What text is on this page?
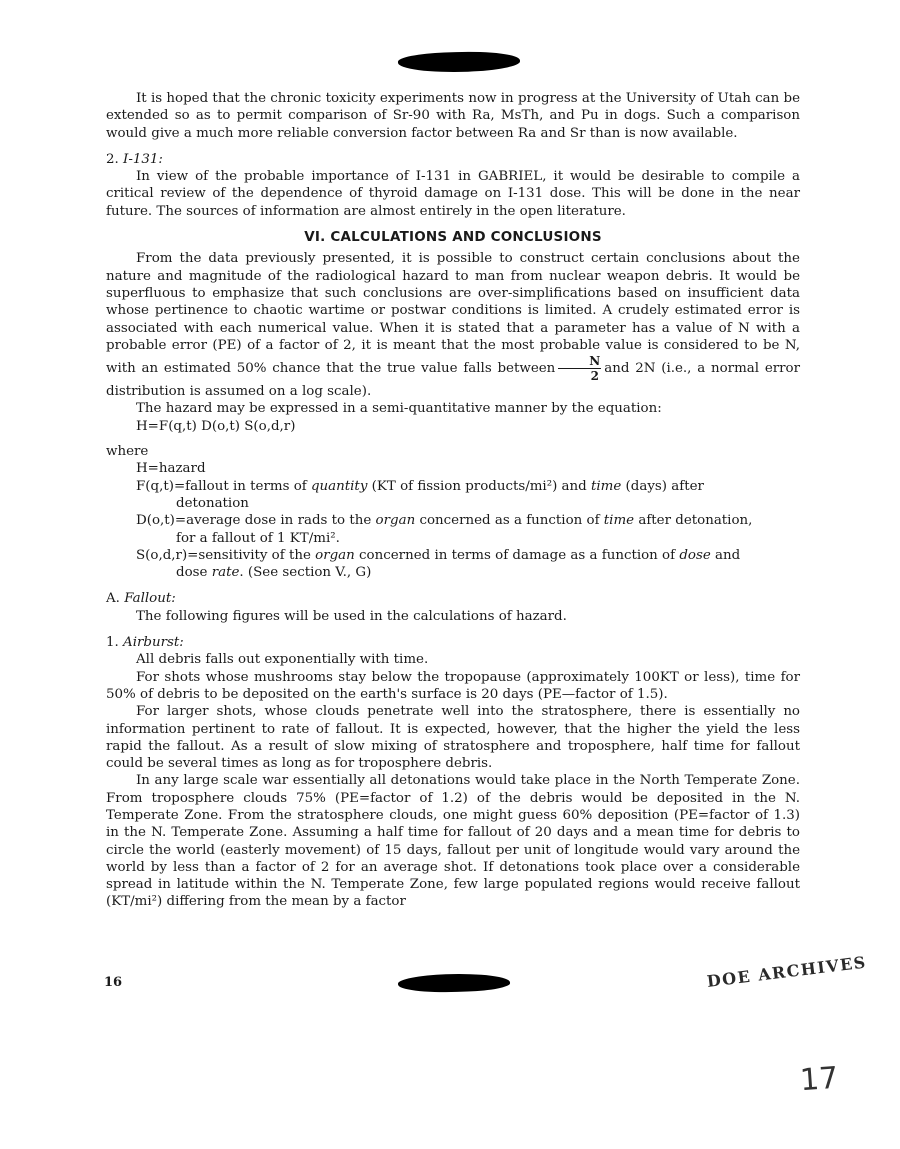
It is hoped that the chronic toxicity experiments now in progress at the University of Utah can be extended so as to permit comparison of Sr-90 with Ra, MsTh, and Pu in dogs. Such a comparison would give a much more reliable conversion factor between Ra and Sr than is now available.

2. I-131:

In view of the probable importance of I-131 in GABRIEL, it would be desirable to compile a critical review of the dependence of thyroid damage on I-131 dose. This will be done in the near future. The sources of information are almost entirely in the open literature.

VI. CALCULATIONS AND CONCLUSIONS

From the data previously presented, it is possible to construct certain conclusions about the nature and magnitude of the radiological hazard to man from nuclear weapon debris. It would be superfluous to emphasize that such conclusions are over-simplifications based on insufficient data whose pertinence to chaotic wartime or postwar conditions is limited. A crudely estimated error is associated with each numerical value. When it is stated that a parameter has a value of N with a probable error (PE) of a factor of 2, it is meant that the most probable value is considered to be N, with an estimated 50% chance that the true value falls between $\frac{N}{2}$ and 2N (i.e., a normal error distribution is assumed on a log scale).

The hazard may be expressed in a semi-quantitative manner by the equation:

H=F(q,t) D(o,t) S(o,d,r)

where

H=hazard

F(q,t)=fallout in terms of quantity (KT of fission products/mi²) and time (days) after

detonation

D(o,t)=average dose in rads to the organ concerned as a function of time after detonation,

for a fallout of 1 KT/mi².

S(o,d,r)=sensitivity of the organ concerned in terms of damage as a function of dose and

dose rate. (See section V., G)

A. Fallout:

The following figures will be used in the calculations of hazard.

1. Airburst:

All debris falls out exponentially with time.

For shots whose mushrooms stay below the tropopause (approximately 100KT or less), time for 50% of debris to be deposited on the earth's surface is 20 days (PE—factor of 1.5).

For larger shots, whose clouds penetrate well into the stratosphere, there is essentially no information pertinent to rate of fallout. It is expected, however, that the higher the yield the less rapid the fallout. As a result of slow mixing of stratosphere and troposphere, half time for fallout could be several times as long as for troposphere debris.

In any large scale war essentially all detonations would take place in the North Temperate Zone. From troposphere clouds 75% (PE=factor of 1.2) of the debris would be deposited in the N. Temperate Zone. From the stratosphere clouds, one might guess 60% deposition (PE=factor of 1.3) in the N. Temperate Zone. Assuming a half time for fallout of 20 days and a mean time for debris to circle the world (easterly movement) of 15 days, fallout per unit of longitude would vary around the world by less than a factor of 2 for an average shot. If detonations took place over a considerable spread in latitude within the N. Temperate Zone, few large populated regions would receive fallout (KT/mi²) differing from the mean by a factor

16	DOE ARCHIVES
17
